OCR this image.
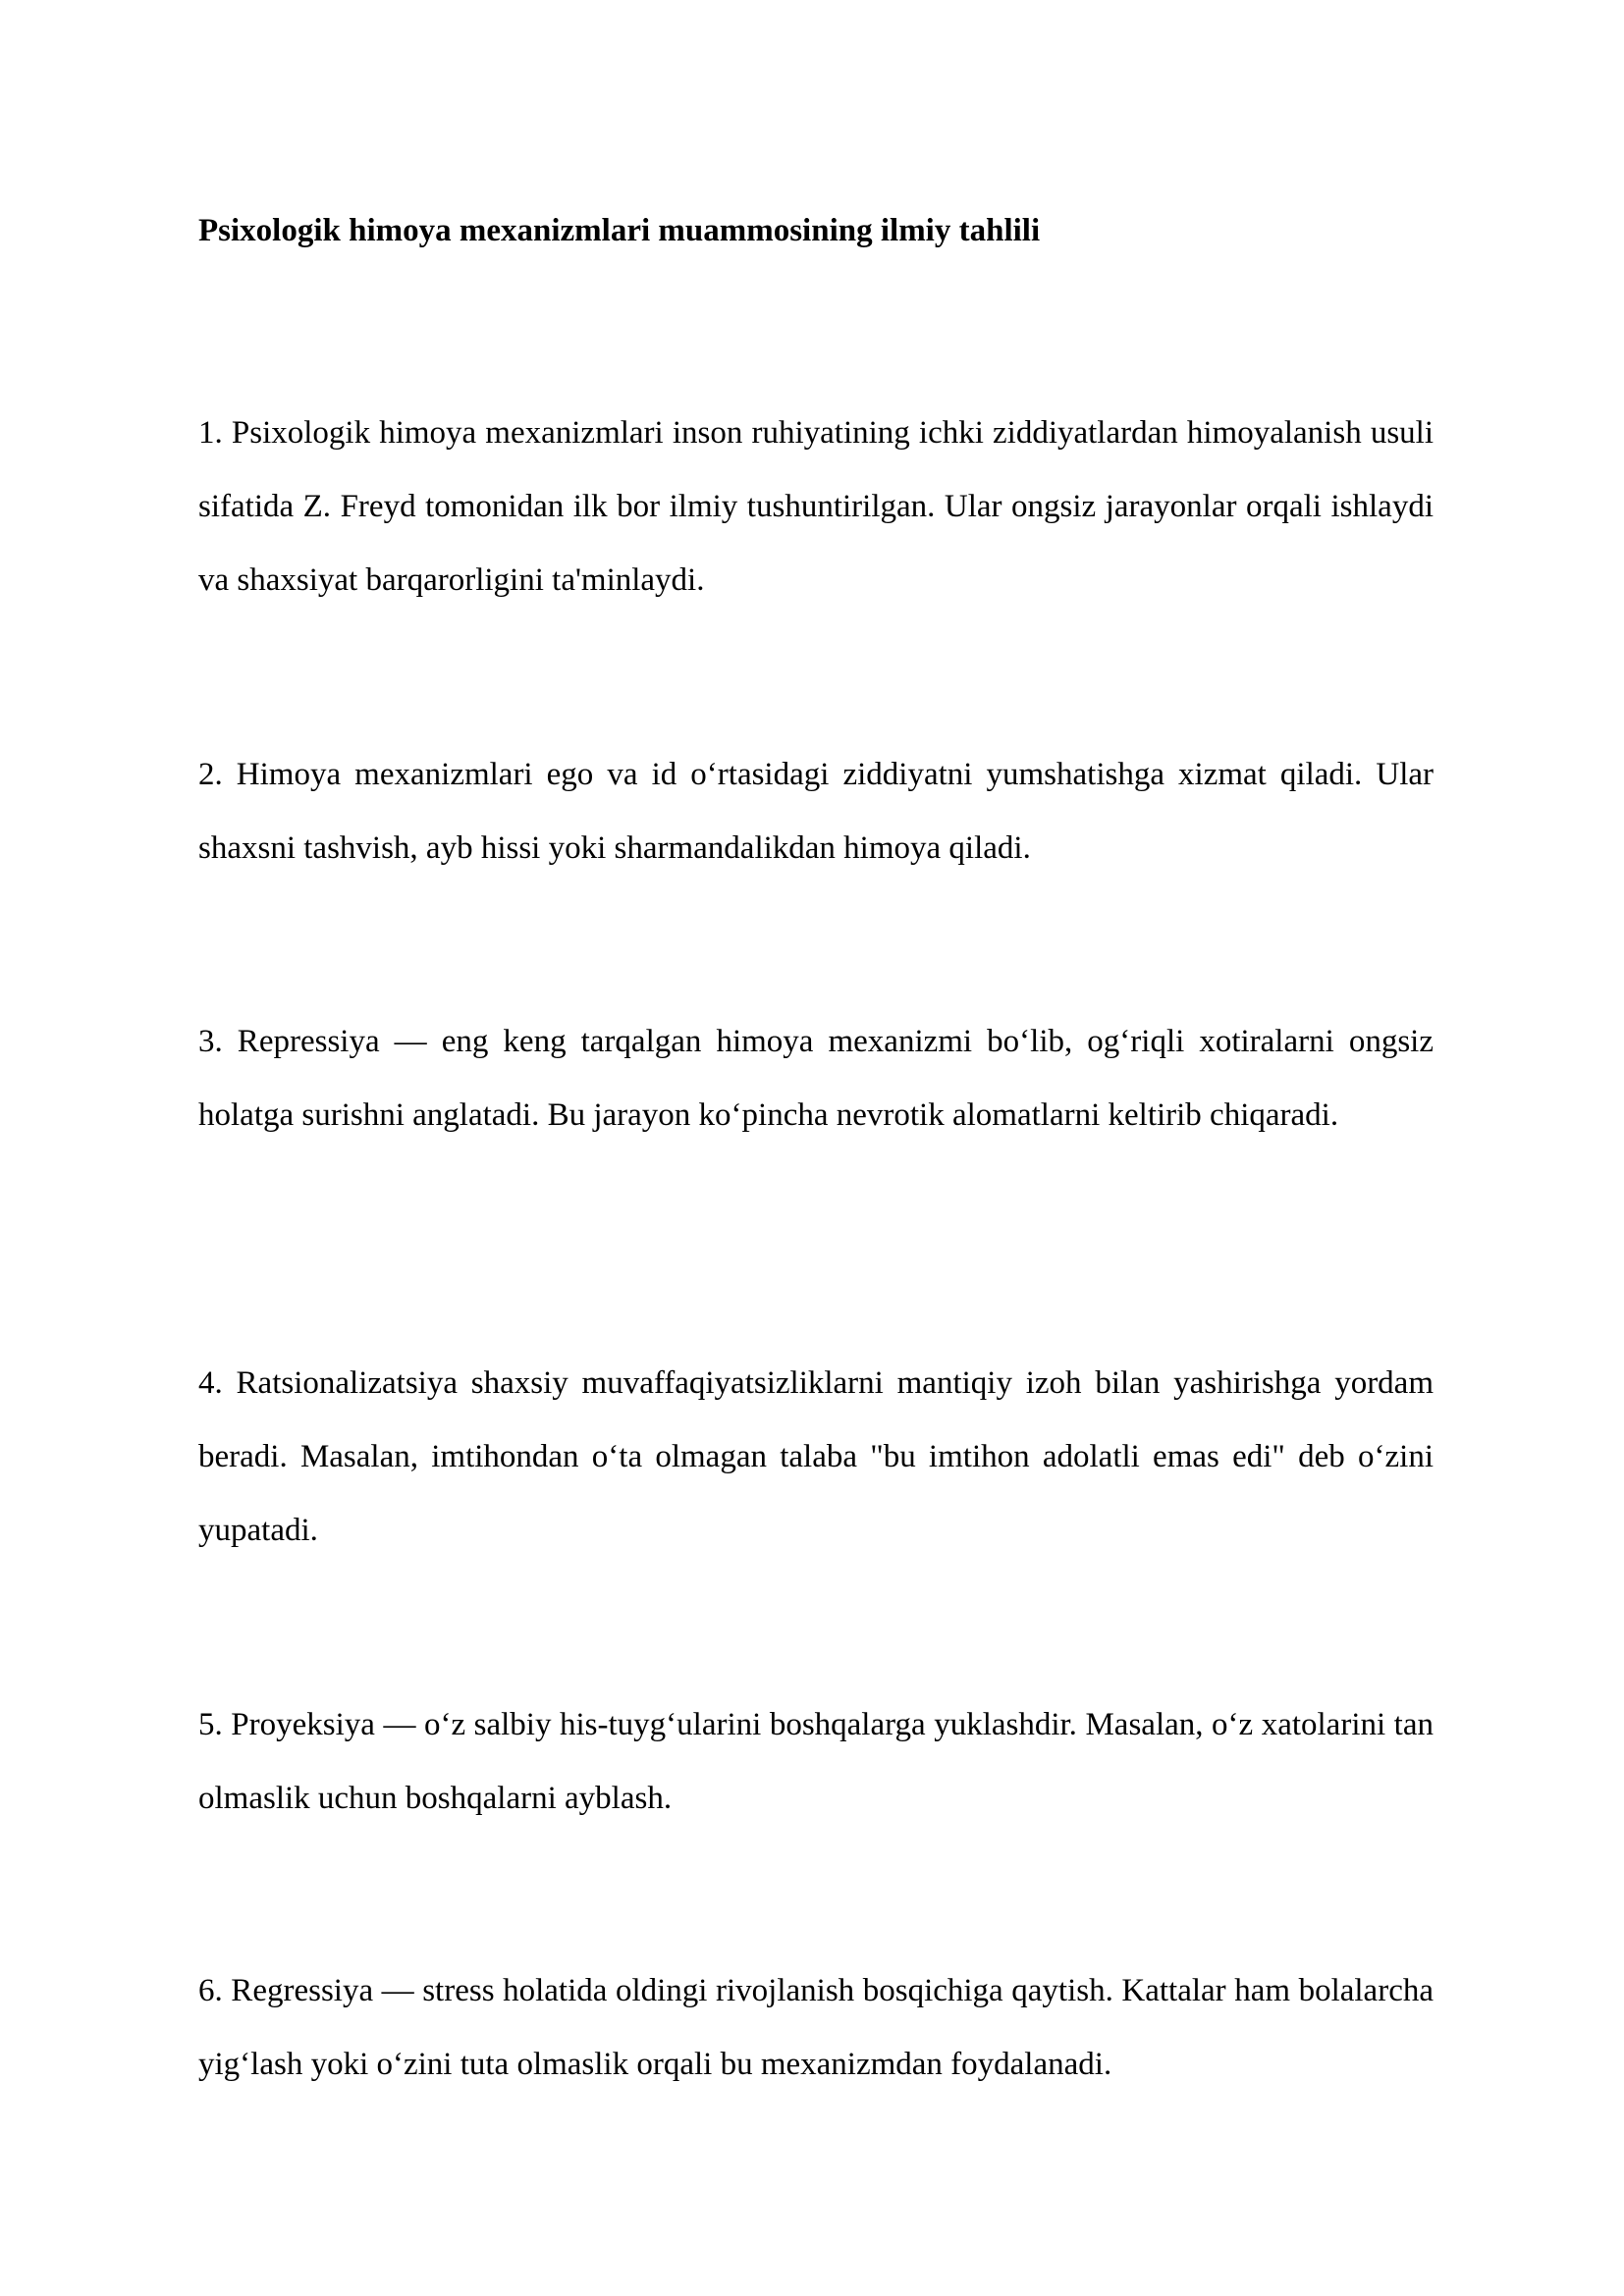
Psixologik himoya mexanizmlari muammosining ilmiy tahlili

1. Psixologik himoya mexanizmlari inson ruhiyatining ichki ziddiyatlardan himoyalanish usuli sifatida Z. Freyd tomonidan ilk bor ilmiy tushuntirilgan. Ular ongsiz jarayonlar orqali ishlaydi va shaxsiyat barqarorligini ta'minlaydi.

2. Himoya mexanizmlari ego va id o‘rtasidagi ziddiyatni yumshatishga xizmat qiladi. Ular shaxsni tashvish, ayb hissi yoki sharmandalikdan himoya qiladi.

3. Repressiya — eng keng tarqalgan himoya mexanizmi bo‘lib, og‘riqli xotiralarni ongsiz holatga surishni anglatadi. Bu jarayon ko‘pincha nevrotik alomatlarni keltirib chiqaradi.

4. Ratsionalizatsiya shaxsiy muvaffaqiyatsizliklarni mantiqiy izoh bilan yashirishga yordam beradi. Masalan, imtihondan o‘ta olmagan talaba "bu imtihon adolatli emas edi" deb o‘zini yupatadi.

5. Proyeksiya — o‘z salbiy his-tuyg‘ularini boshqalarga yuklashdir. Masalan, o‘z xatolarini tan olmaslik uchun boshqalarni ayblash.

6. Regressiya — stress holatida oldingi rivojlanish bosqichiga qaytish. Kattalar ham bolalarcha yig‘lash yoki o‘zini tuta olmaslik orqali bu mexanizmdan foydalanadi.
